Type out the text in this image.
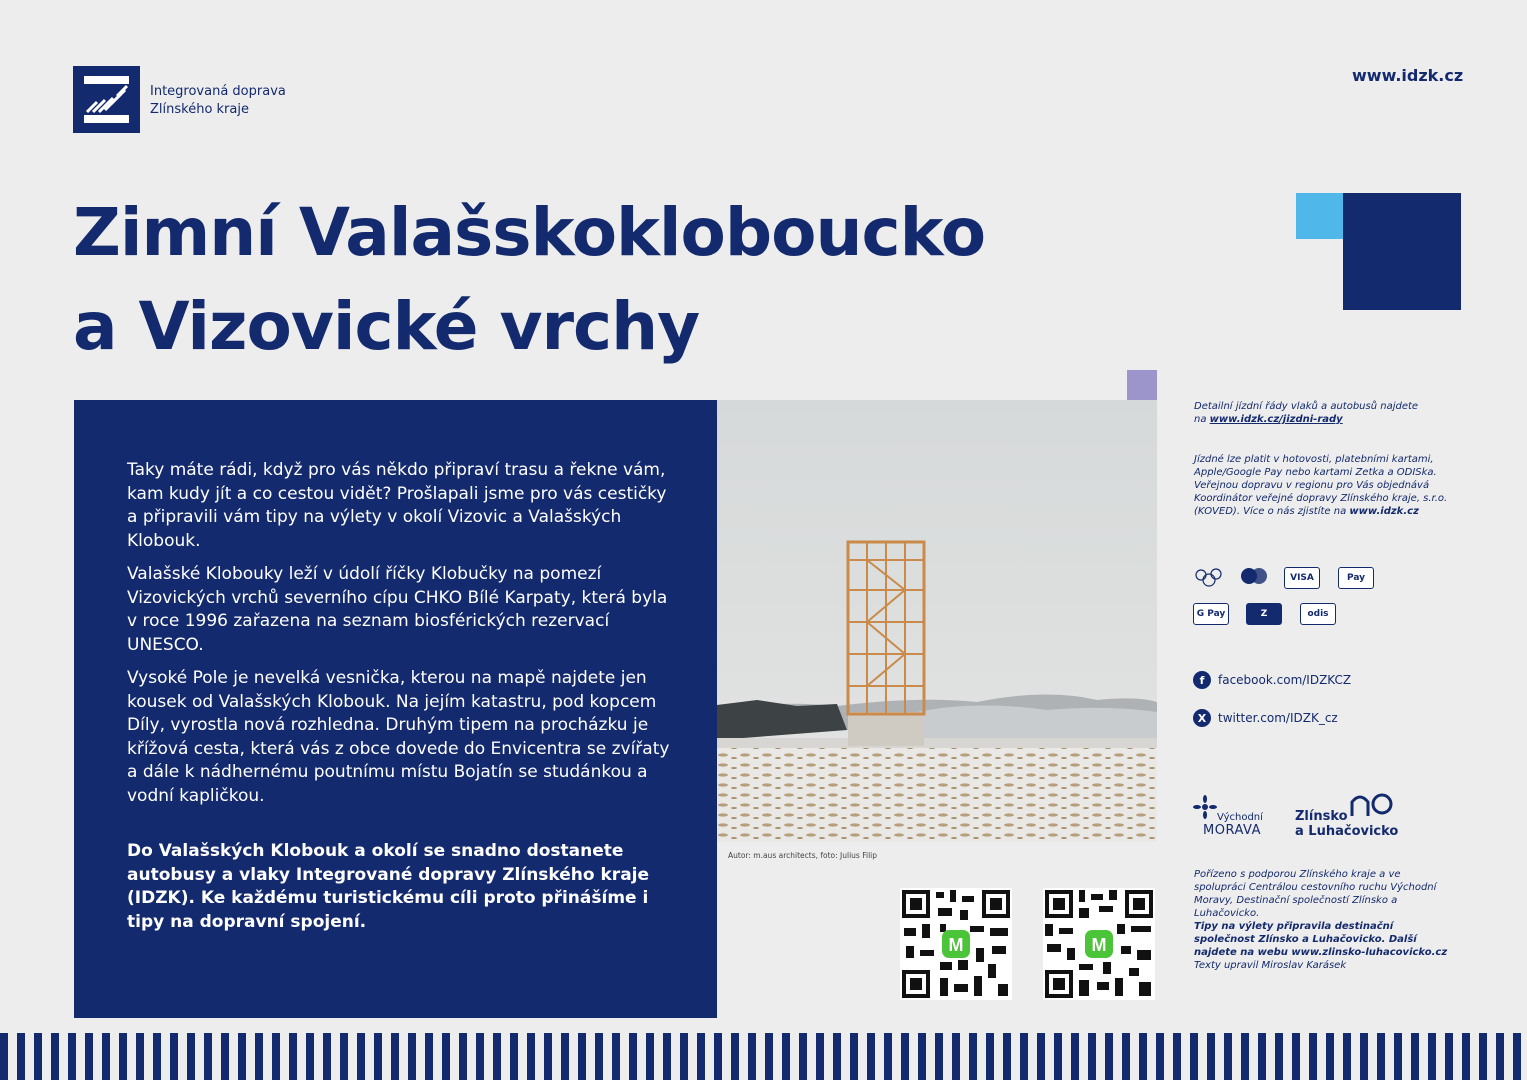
Integrovaná doprava
Zlínského kraje
www.idzk.cz
Zimní Valašskokloboucko
a Vizovické vrchy

Taky máte rádi, když pro vás někdo připraví trasu a řekne vám, kam kudy jít a co cestou vidět? Prošlapali jsme pro vás cestičky a připravili vám tipy na výlety v okolí Vizovic a Valašských Klobouk.

Valašské Klobouky leží v údolí říčky Klobučky na pomezí Vizovických vrchů severního cípu CHKO Bílé Karpaty, která byla v roce 1996 zařazena na seznam biosférických rezervací UNESCO.

Vysoké Pole je nevelká vesnička, kterou na mapě najdete jen kousek od Valašských Klobouk. Na jejím katastru, pod kopcem Díly, vyrostla nová rozhledna. Druhým tipem na procházku je křížová cesta, která vás z obce dovede do Envicentra se zvířaty a dále k nádhernému poutnímu místu Bojatín se studánkou a vodní kapličkou.

Do Valašských Klobouk a okolí se snadno dostanete autobusy a vlaky Integrované dopravy Zlínského kraje (IDZK). Ke každému turistickému cíli proto přinášíme i tipy na dopravní spojení.

Autor: m.aus architects, foto: Julius Filip
M	M
Detailní jízdní řády vlaků a autobusů najdete
na www.idzk.cz/jizdni-rady
Jízdné lze platit v hotovosti, platebními kartami, Apple/Google Pay nebo kartami Zetka a ODISka. Veřejnou dopravu v regionu pro Vás objednává Koordinátor veřejné dopravy Zlínského kraje, s.r.o. (KOVED). Více o nás zjistíte na www.idzk.cz
VISA	Pay
G Pay	Z	odis
f	facebook.com/IDZKCZ
X twitter.com/IDZK_cz
Východní
MORAVA
Zlínsko
a Luhačovicko
Pořízeno s podporou Zlínského kraje a ve spolupráci Centrálou cestovního ruchu Východní Moravy, Destinační společností Zlínsko a Luhačovicko.
Tipy na výlety připravila destinační společnost Zlínsko a Luhačovicko. Další najdete na webu www.zlinsko-luhacovicko.cz
Texty upravil Miroslav Karásek
